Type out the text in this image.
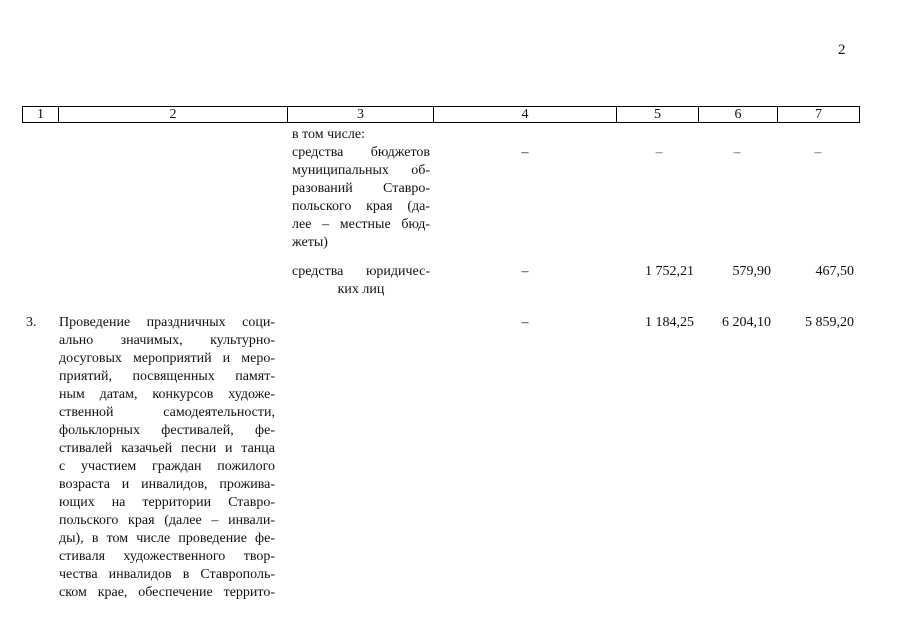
2
1	2	3	4	5	6	7
в том числе:
средства бюджетов
муниципальных об-
разований Ставро-
польского края (да-
лее – местные бюд-
жеты)
–	–	–	–
средства юридичес-
ких лиц
–	1 752,21	579,90	467,50
3.	Проведение праздничных соци-
ально значимых, культурно-
досуговых мероприятий и меро-
приятий, посвященных памят-
ным датам, конкурсов художе-
ственной самодеятельности,
фольклорных фестивалей, фе-
стивалей казачьей песни и танца
с участием граждан пожилого
возраста и инвалидов, прожива-
ющих на территории Ставро-
польского края (далее – инвали-
ды), в том числе проведение фе-
стиваля художественного твор-
чества инвалидов в Ставрополь-
ском крае, обеспечение террито-
–	1 184,25	6 204,10	5 859,20
